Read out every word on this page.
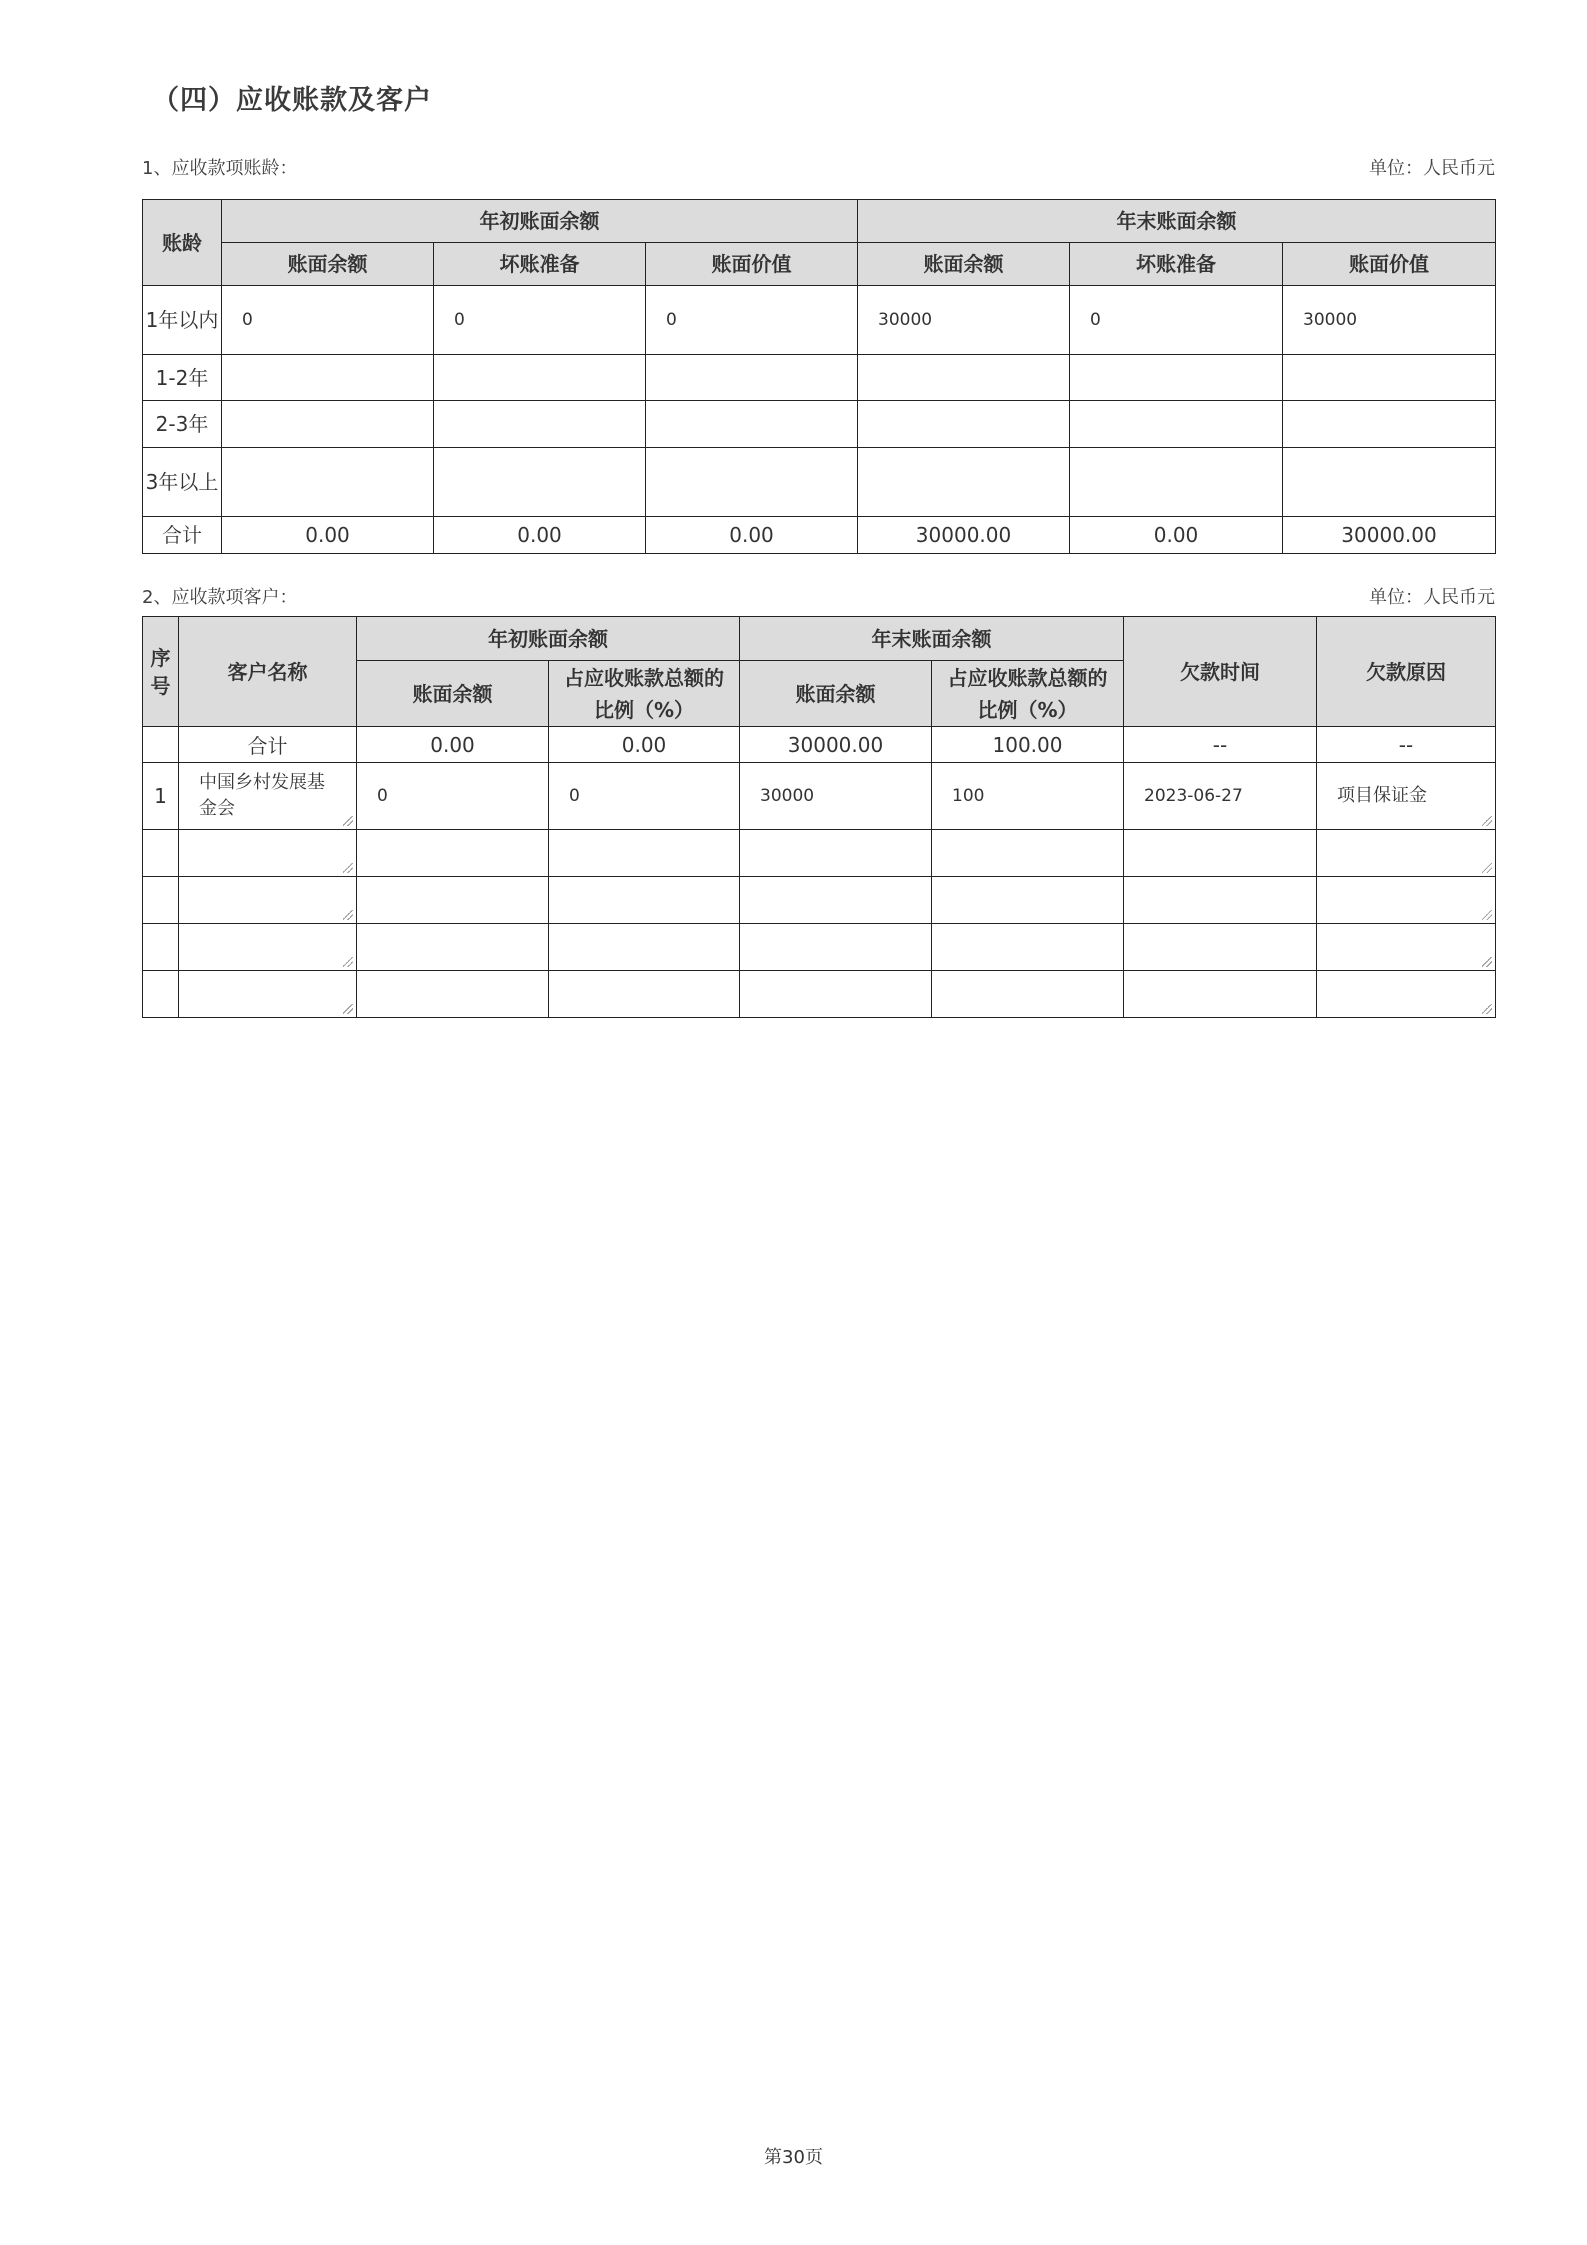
（四）应收账款及客户
1、应收款项账龄：	单位：人民币元
账龄	年初账面余额			年末账面余额		
	账面余额	坏账准备	账面价值	账面余额	坏账准备	账面价值
1年以内	0	0	0	30000	0	30000
1-2年						
2-3年						
3年以上						
合计	0.00	0.00	0.00	30000.00	0.00	30000.00
2、应收款项客户：	单位：人民币元
序号	客户名称	年初账面余额		年末账面余额		欠款时间	欠款原因
		账面余额	占应收账款总额的比例（%）	账面余额	占应收账款总额的比例（%）		

	合计	0.00	0.00	30000.00	100.00	--	--
1	中国乡村发展基金会	0	0	30000	100	2023-06-27	项目保证金

第30页
